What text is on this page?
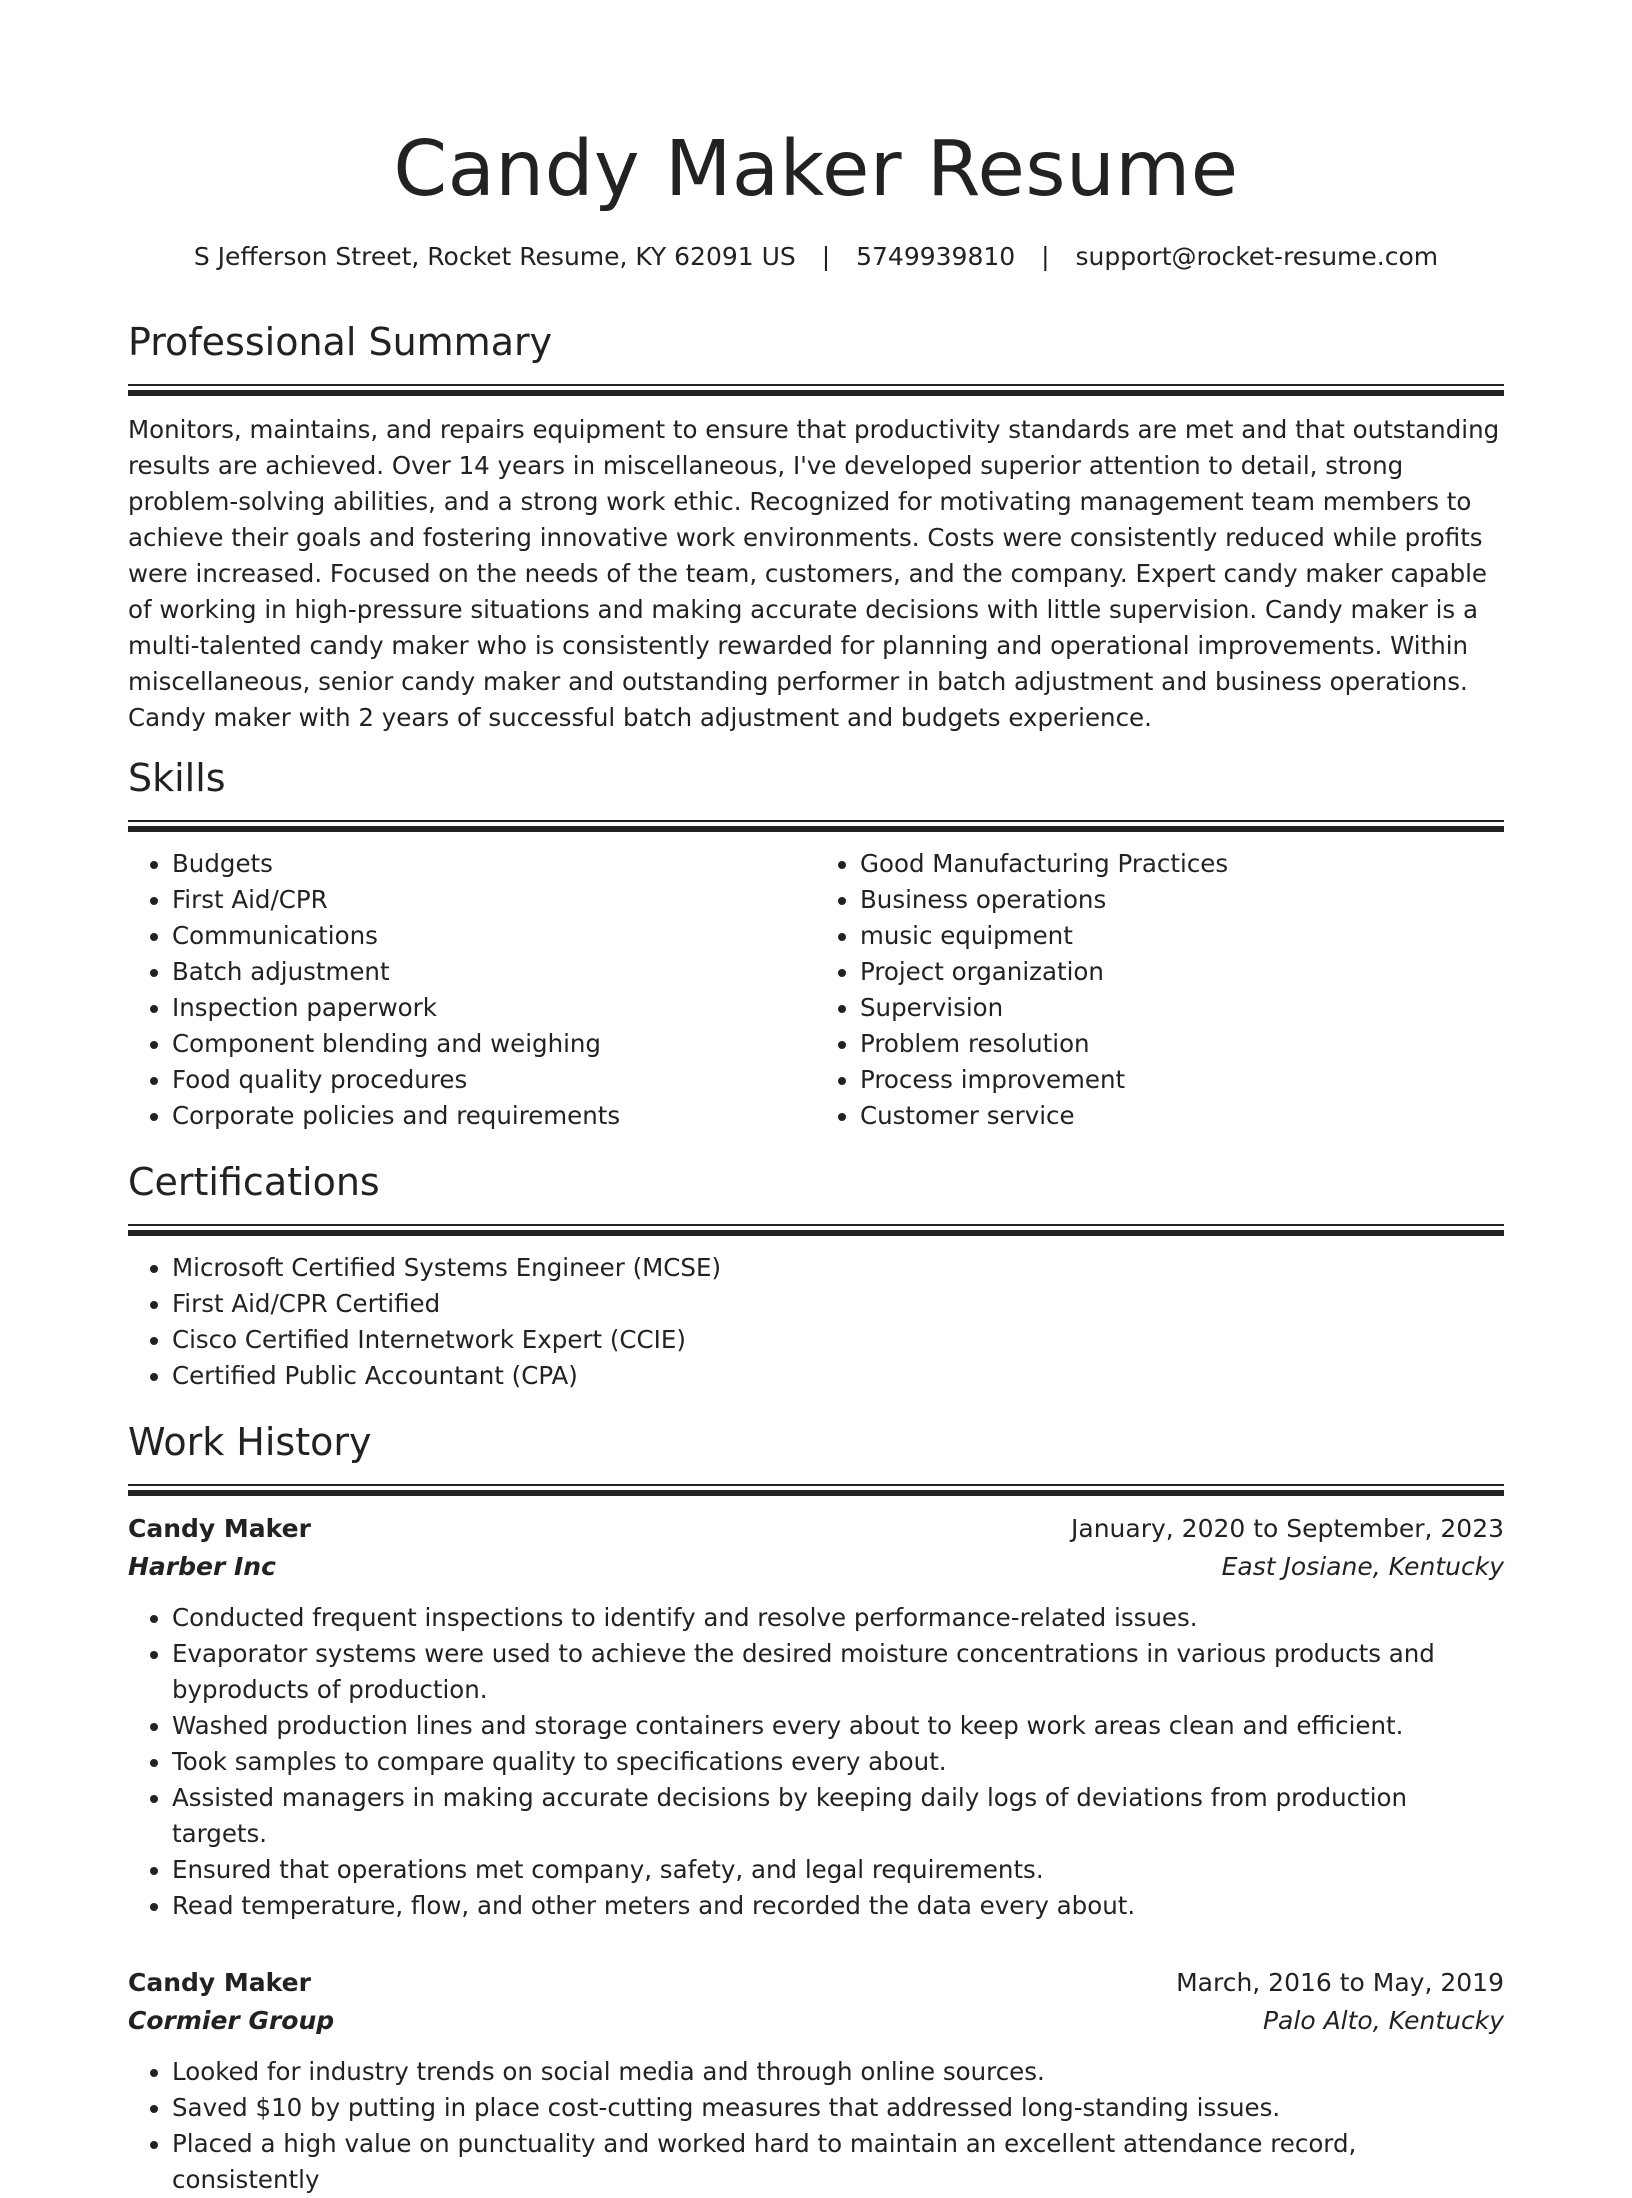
Candy Maker Resume
S Jefferson Street, Rocket Resume, KY 62091 US | 5749939810 | support@rocket-resume.com
Professional Summary

Monitors, maintains, and repairs equipment to ensure that productivity standards are met and that outstanding results are achieved. Over 14 years in miscellaneous, I've developed superior attention to detail, strong problem-solving abilities, and a strong work ethic. Recognized for motivating management team members to achieve their goals and fostering innovative work environments. Costs were consistently reduced while profits were increased. Focused on the needs of the team, customers, and the company. Expert candy maker capable of working in high-pressure situations and making accurate decisions with little supervision. Candy maker is a multi-talented candy maker who is consistently rewarded for planning and operational improvements. Within miscellaneous, senior candy maker and outstanding performer in batch adjustment and business operations. Candy maker with 2 years of successful batch adjustment and budgets experience.

Skills
• Budgets
• First Aid/CPR
• Communications
• Batch adjustment
• Inspection paperwork
• Component blending and weighing
• Food quality procedures
• Corporate policies and requirements
• Good Manufacturing Practices
• Business operations
• music equipment
• Project organization
• Supervision
• Problem resolution
• Process improvement
• Customer service
Certifications
• Microsoft Certified Systems Engineer (MCSE)
• First Aid/CPR Certified
• Cisco Certified Internetwork Expert (CCIE)
• Certified Public Accountant (CPA)
Work History
Candy Maker	January, 2020 to September, 2023
Harber Inc	East Josiane, Kentucky
• Conducted frequent inspections to identify and resolve performance-related issues.
• Evaporator systems were used to achieve the desired moisture concentrations in various products and byproducts of production.
• Washed production lines and storage containers every about to keep work areas clean and efficient.
• Took samples to compare quality to specifications every about.
• Assisted managers in making accurate decisions by keeping daily logs of deviations from production targets.
• Ensured that operations met company, safety, and legal requirements.
• Read temperature, flow, and other meters and recorded the data every about.
Candy Maker	March, 2016 to May, 2019
Cormier Group	Palo Alto, Kentucky
• Looked for industry trends on social media and through online sources.
• Saved $10 by putting in place cost-cutting measures that addressed long-standing issues.
• Placed a high value on punctuality and worked hard to maintain an excellent attendance record, consistently
